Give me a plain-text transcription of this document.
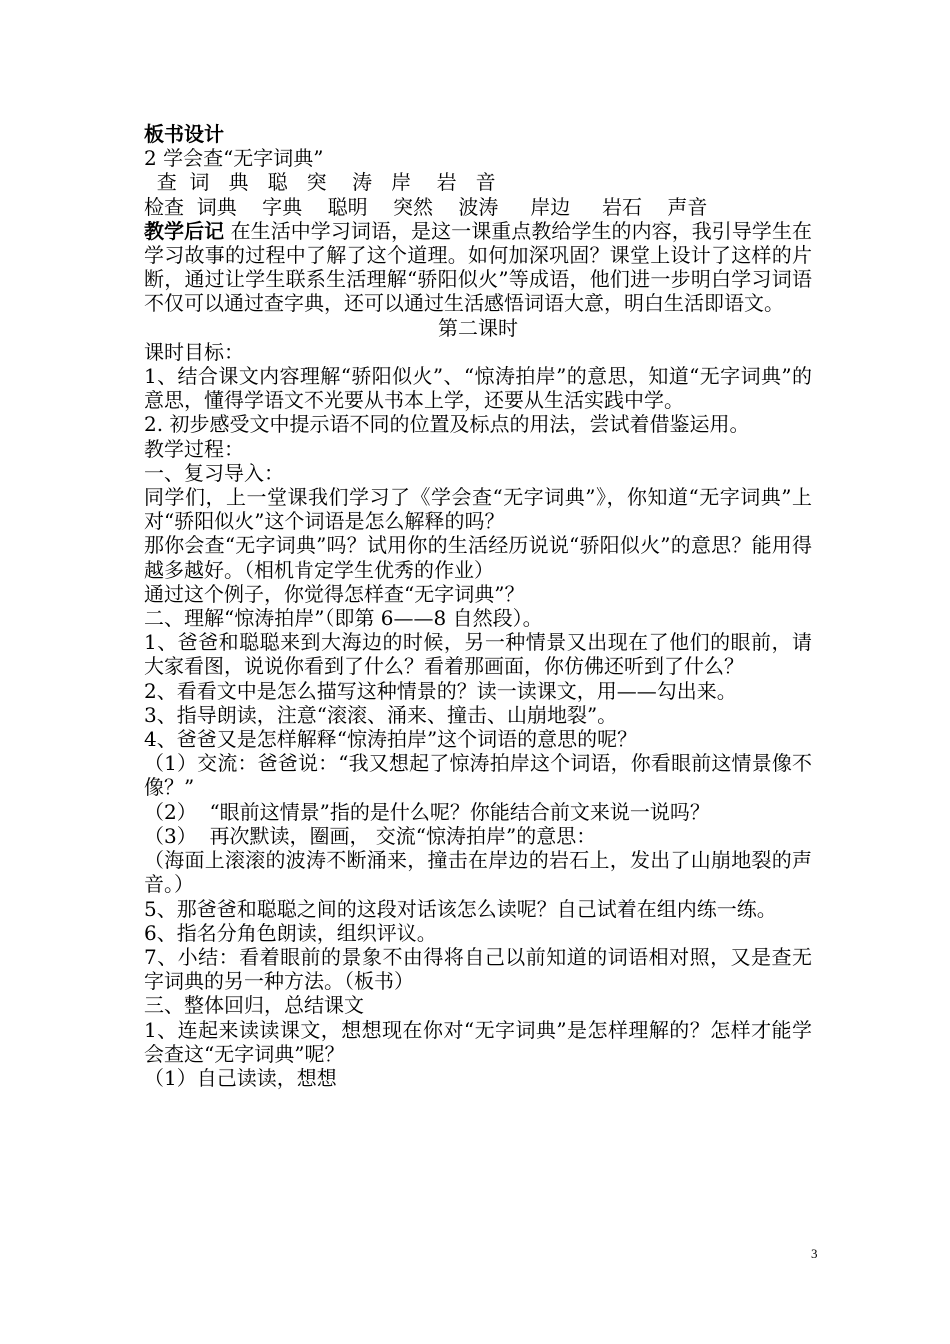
板书设计
2 学会查“无字词典”
查  词   典   聪   突    涛   岸    岩   音
检查  词典    字典    聪明    突然    波涛     岸边     岩石    声音
教学后记 在生活中学习词语，是这一课重点教给学生的内容，我引导学生在学习故事的过程中了解了这个道理。如何加深巩固？课堂上设计了这样的片断，通过让学生联系生活理解“骄阳似火”等成语，他们进一步明白学习词语不仅可以通过查字典，还可以通过生活感悟词语大意，明白生活即语文。
第二课时
课时目标：
1、结合课文内容理解“骄阳似火”、“惊涛拍岸”的意思，知道“无字词典”的意思，懂得学语文不光要从书本上学，还要从生活实践中学。
2. 初步感受文中提示语不同的位置及标点的用法，尝试着借鉴运用。
教学过程：
一、复习导入：
同学们，上一堂课我们学习了《学会查“无字词典”》，你知道“无字词典”上对“骄阳似火”这个词语是怎么解释的吗？
那你会查“无字词典”吗？试用你的生活经历说说“骄阳似火”的意思？能用得越多越好。（相机肯定学生优秀的作业）
通过这个例子，你觉得怎样查“无字词典”？
二、理解“惊涛拍岸”（即第 6——8 自然段）。
1、爸爸和聪聪来到大海边的时候，另一种情景又出现在了他们的眼前，请大家看图，说说你看到了什么？看着那画面，你仿佛还听到了什么？
2、看看文中是怎么描写这种情景的？读一读课文，用——勾出来。
3、指导朗读，注意“滚滚、涌来、撞击、山崩地裂”。
4、爸爸又是怎样解释“惊涛拍岸”这个词语的意思的呢？
（1）交流：爸爸说：“我又想起了惊涛拍岸这个词语，你看眼前这情景像不像？”
（2）  “眼前这情景”指的是什么呢？你能结合前文来说一说吗？
（3）  再次默读，圈画， 交流“惊涛拍岸”的意思：
（海面上滚滚的波涛不断涌来，撞击在岸边的岩石上，发出了山崩地裂的声音。）
5、那爸爸和聪聪之间的这段对话该怎么读呢？自己试着在组内练一练。
6、指名分角色朗读，组织评议。
7、小结：看着眼前的景象不由得将自己以前知道的词语相对照，又是查无字词典的另一种方法。（板书）
三、整体回归，总结课文
1、连起来读读课文，想想现在你对“无字词典”是怎样理解的？怎样才能学会查这“无字词典”呢？
（1）自己读读，想想
3
